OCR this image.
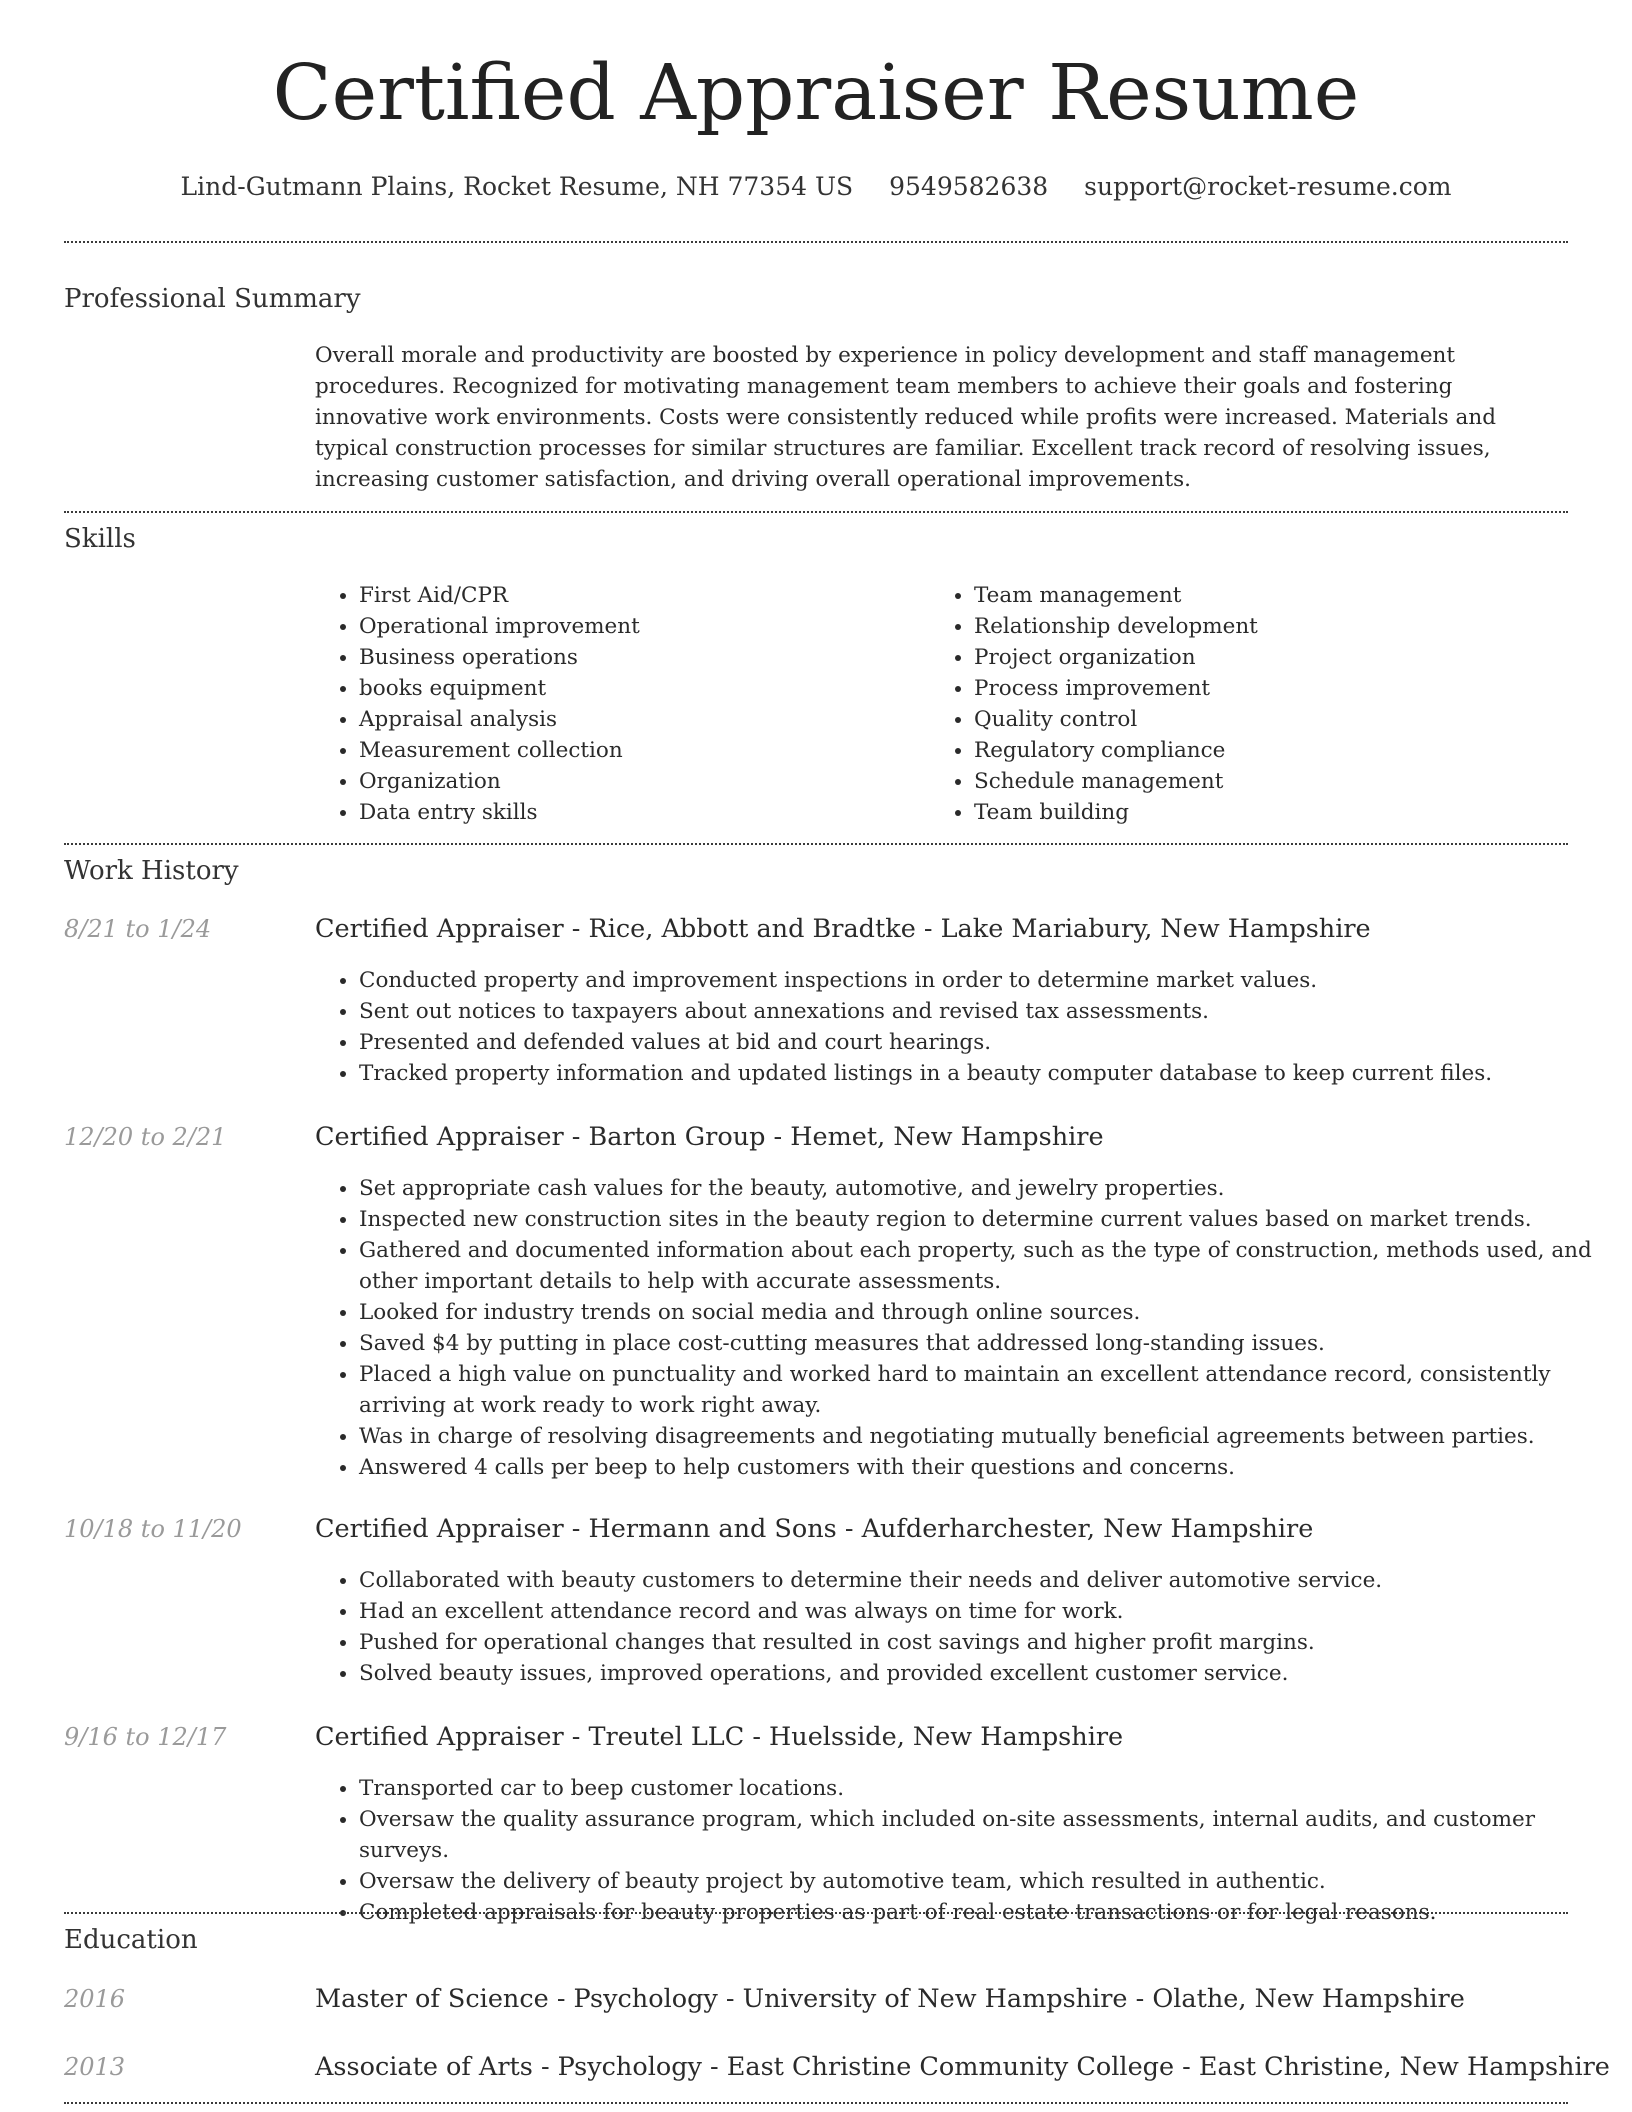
Certified Appraiser Resume
Lind-Gutmann Plains, Rocket Resume, NH 77354 US 9549582638 support@rocket-resume.com
Professional Summary
Overall morale and productivity are boosted by experience in policy development and staff management procedures. Recognized for motivating management team members to achieve their goals and fostering innovative work environments. Costs were consistently reduced while profits were increased. Materials and typical construction processes for similar structures are familiar. Excellent track record of resolving issues, increasing customer satisfaction, and driving overall operational improvements.
Skills
• First Aid/CPR
• Operational improvement
• Business operations
• books equipment
• Appraisal analysis
• Measurement collection
• Organization
• Data entry skills
• Team management
• Relationship development
• Project organization
• Process improvement
• Quality control
• Regulatory compliance
• Schedule management
• Team building
Work History
8/21 to 1/24	Certified Appraiser - Rice, Abbott and Bradtke - Lake Mariabury, New Hampshire
• Conducted property and improvement inspections in order to determine market values.
• Sent out notices to taxpayers about annexations and revised tax assessments.
• Presented and defended values at bid and court hearings.
• Tracked property information and updated listings in a beauty computer database to keep current files.
12/20 to 2/21	Certified Appraiser - Barton Group - Hemet, New Hampshire
• Set appropriate cash values for the beauty, automotive, and jewelry properties.
• Inspected new construction sites in the beauty region to determine current values based on market trends.
• Gathered and documented information about each property, such as the type of construction, methods used, and other important details to help with accurate assessments.
• Looked for industry trends on social media and through online sources.
• Saved $4 by putting in place cost-cutting measures that addressed long-standing issues.
• Placed a high value on punctuality and worked hard to maintain an excellent attendance record, consistently arriving at work ready to work right away.
• Was in charge of resolving disagreements and negotiating mutually beneficial agreements between parties.
• Answered 4 calls per beep to help customers with their questions and concerns.
10/18 to 11/20	Certified Appraiser - Hermann and Sons - Aufderharchester, New Hampshire
• Collaborated with beauty customers to determine their needs and deliver automotive service.
• Had an excellent attendance record and was always on time for work.
• Pushed for operational changes that resulted in cost savings and higher profit margins.
• Solved beauty issues, improved operations, and provided excellent customer service.
9/16 to 12/17	Certified Appraiser - Treutel LLC - Huelsside, New Hampshire
• Transported car to beep customer locations.
• Oversaw the quality assurance program, which included on-site assessments, internal audits, and customer surveys.
• Oversaw the delivery of beauty project by automotive team, which resulted in authentic.
• Completed appraisals for beauty properties as part of real estate transactions or for legal reasons.
Education
2016	Master of Science - Psychology - University of New Hampshire - Olathe, New Hampshire
2013	Associate of Arts - Psychology - East Christine Community College - East Christine, New Hampshire
